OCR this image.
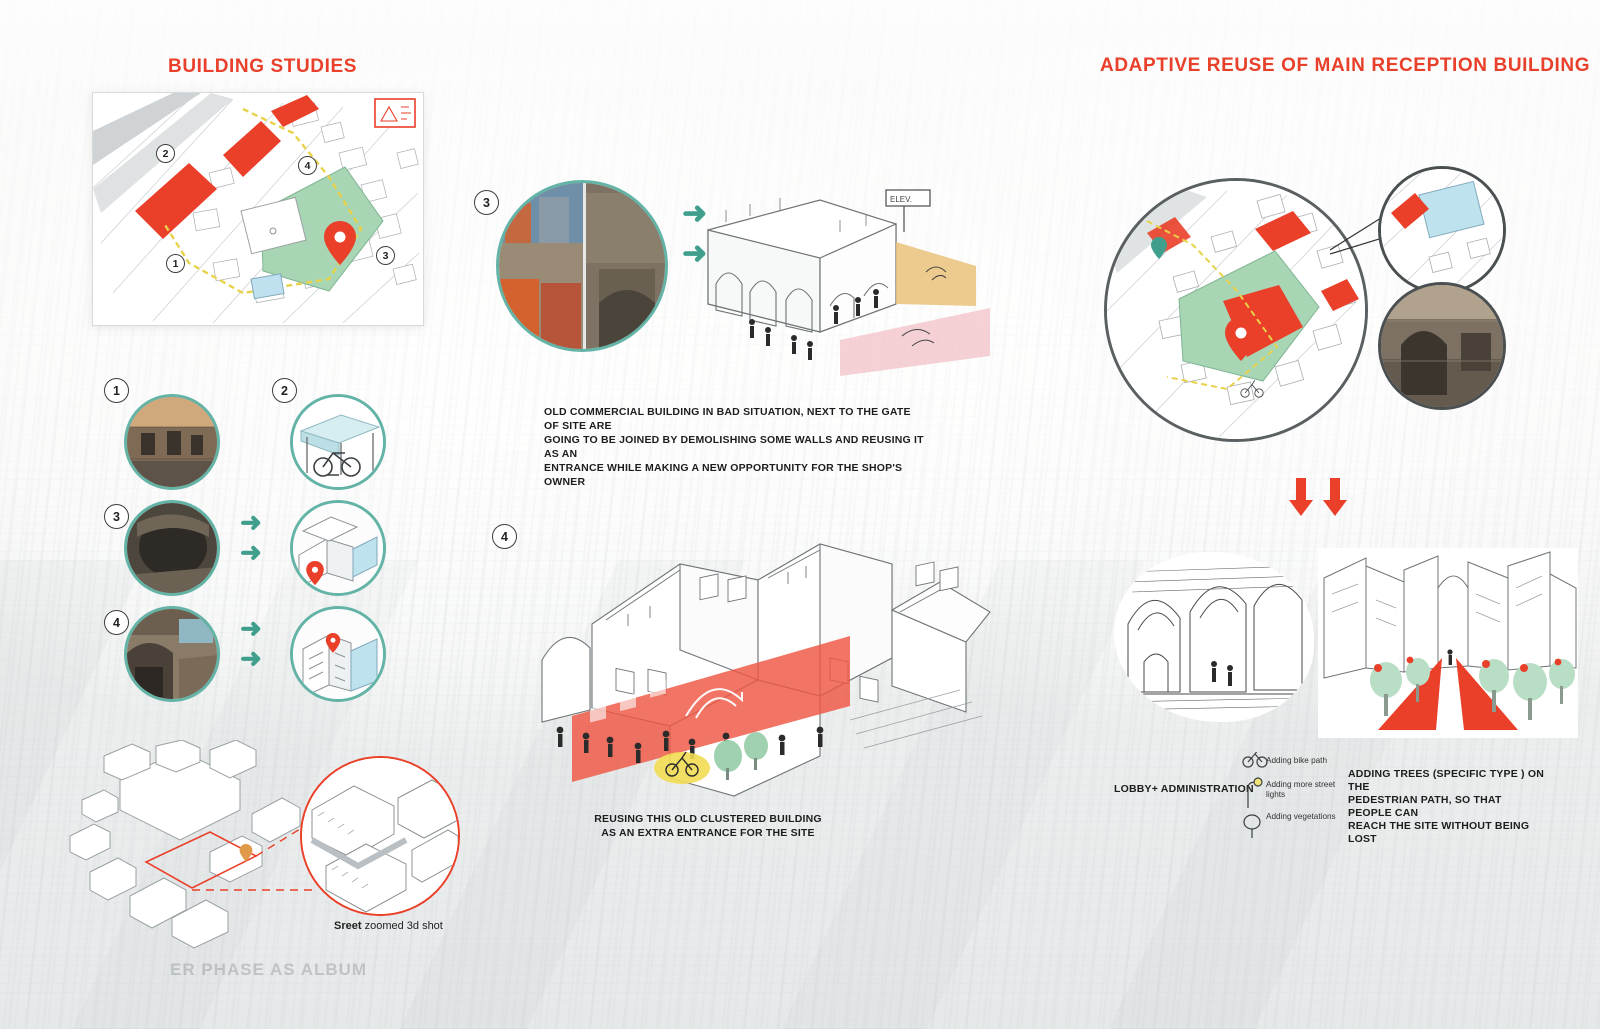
BUILDING STUDIES	ADAPTIVE REUSE OF MAIN RECEPTION BUILDING
1
2
3
4
1	2
3	➜
➜
4	➜
➜
Sreet zoomed 3d shot
3	➜
➜
ELEV.
OLD COMMERCIAL BUILDING IN BAD SITUATION, NEXT TO THE GATE OF SITE ARE
GOING TO BE JOINED BY DEMOLISHING SOME WALLS AND REUSING IT AS AN
ENTRANCE WHILE MAKING A NEW OPPORTUNITY FOR THE SHOP'S OWNER
4
REUSING THIS OLD CLUSTERED BUILDING
AS AN EXTRA ENTRANCE FOR THE SITE
LOBBY+ ADMINISTRATION
ADDING TREES (SPECIFIC TYPE ) ON THE
PEDESTRIAN PATH, SO THAT PEOPLE CAN
REACH THE SITE WITHOUT BEING LOST
Adding bike path
Adding more street lights
Adding vegetations
ER PHASE AS ALBUM
